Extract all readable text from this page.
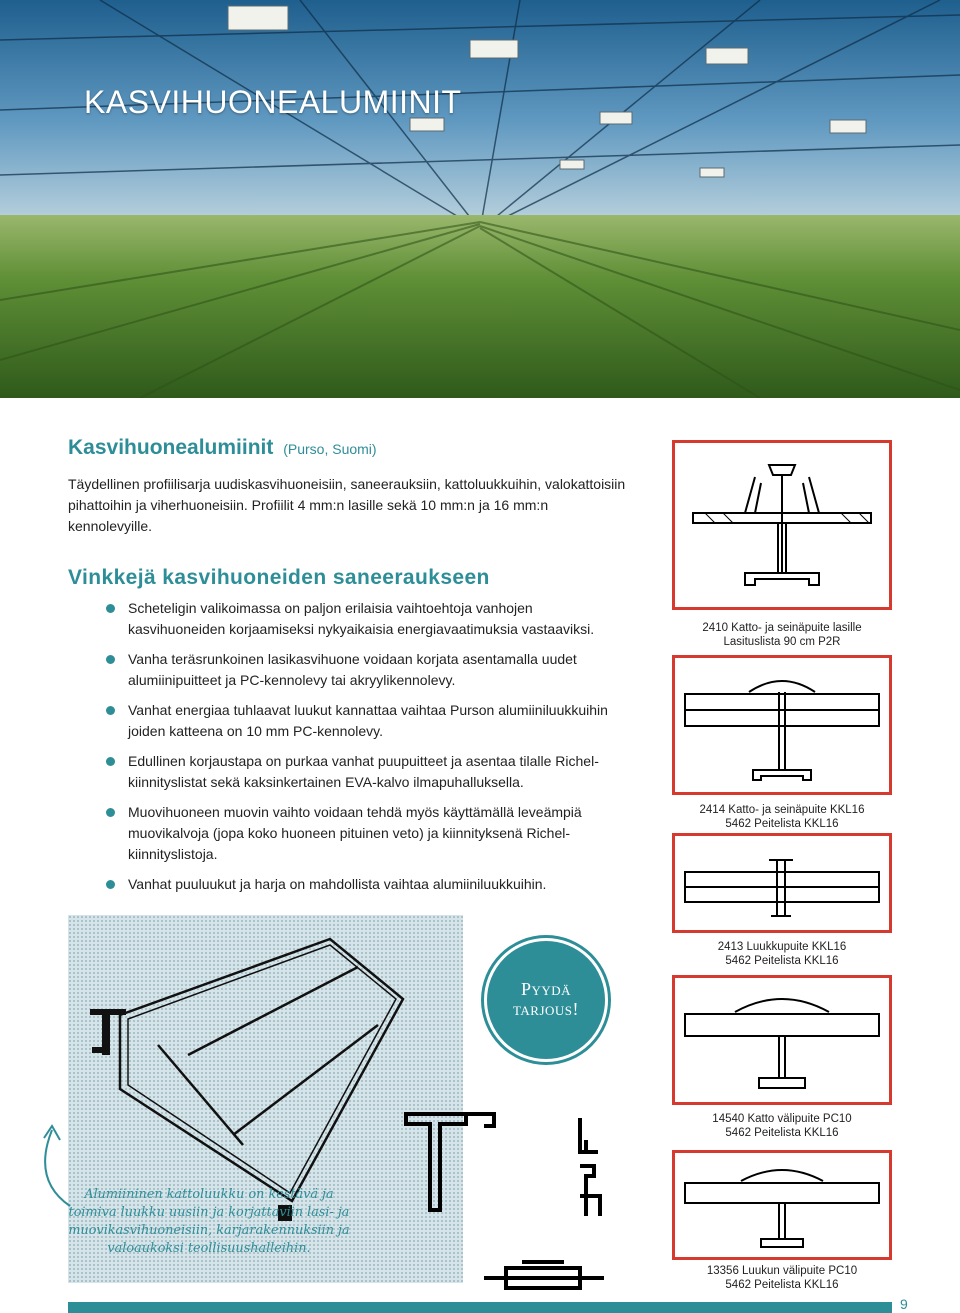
KASVIHUONEALUMIINIT
Kasvihuonealumiinit (Purso, Suomi)
Täydellinen profiilisarja uudiskasvihuoneisiin, saneerauksiin, kattoluukkuihin, valokattoisiin pihattoihin ja viherhuoneisiin. Profiilit 4 mm:n lasille sekä 10 mm:n ja 16 mm:n kennolevyille.
Vinkkejä kasvihuoneiden saneeraukseen
Scheteligin valikoimassa on paljon erilaisia vaihtoehtoja vanhojen kasvihuoneiden korjaamiseksi nykyaikaisia energiavaatimuksia vastaaviksi.
Vanha teräsrunkoinen lasikasvihuone voidaan korjata asentamalla uudet alumiinipuitteet ja PC-kennolevy tai akryylikennolevy.
Vanhat energiaa tuhlaavat luukut kannattaa vaihtaa Purson alumiiniluukkuihin joiden katteena on 10 mm PC-kennolevy.
Edullinen korjaustapa on purkaa vanhat puupuitteet ja asentaa tilalle Richel-kiinnityslistat sekä kaksinkertainen EVA-kalvo ilmapuhalluksella.
Muovihuoneen muovin vaihto voidaan tehdä myös käyttämällä leveämpiä muovikalvoja (jopa koko huoneen pituinen veto) ja kiinnityksenä Richel-kiinnityslistoja.
Vanhat puuluukut ja harja on mahdollista vaihtaa alumiiniluukkuihin.
2410 Katto- ja seinäpuite lasille
Lasituslista 90 cm P2R
2414 Katto- ja seinäpuite KKL16
5462 Peitelista KKL16
2413 Luukkupuite KKL16
5462 Peitelista KKL16
14540 Katto välipuite PC10
5462 Peitelista KKL16
13356 Luukun välipuite PC10
5462 Peitelista KKL16
Pyydä
tarjous!
Alumiininen kattoluukku on kestävä ja toimiva luukku uusiin ja korjattaviin lasi- ja muovikasvihuoneisiin, karjarakennuksiin ja valoaukoksi teollisuushalleihin.
9
